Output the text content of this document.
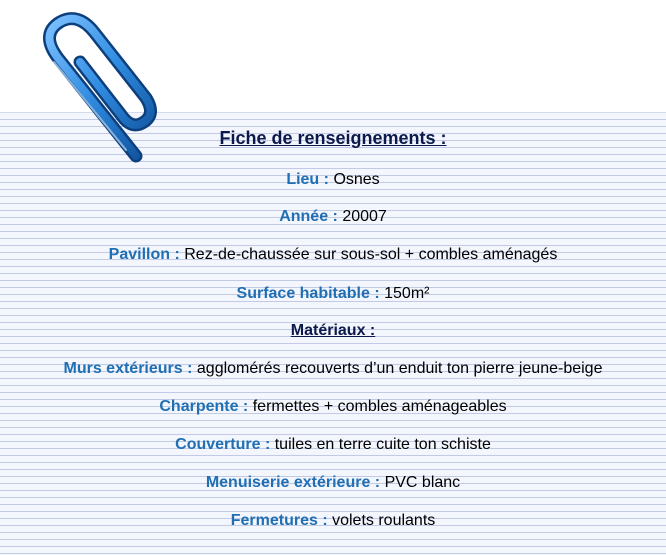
Fiche de renseignements :
Lieu : Osnes
Année : 20007
Pavillon : Rez-de-chaussée sur sous-sol + combles aménagés
Surface habitable : 150m²
Matériaux :
Murs extérieurs : agglomérés recouverts d’un enduit ton pierre jeune-beige
Charpente : fermettes + combles aménageables
Couverture : tuiles en terre cuite ton schiste
Menuiserie extérieure : PVC blanc
Fermetures : volets roulants
